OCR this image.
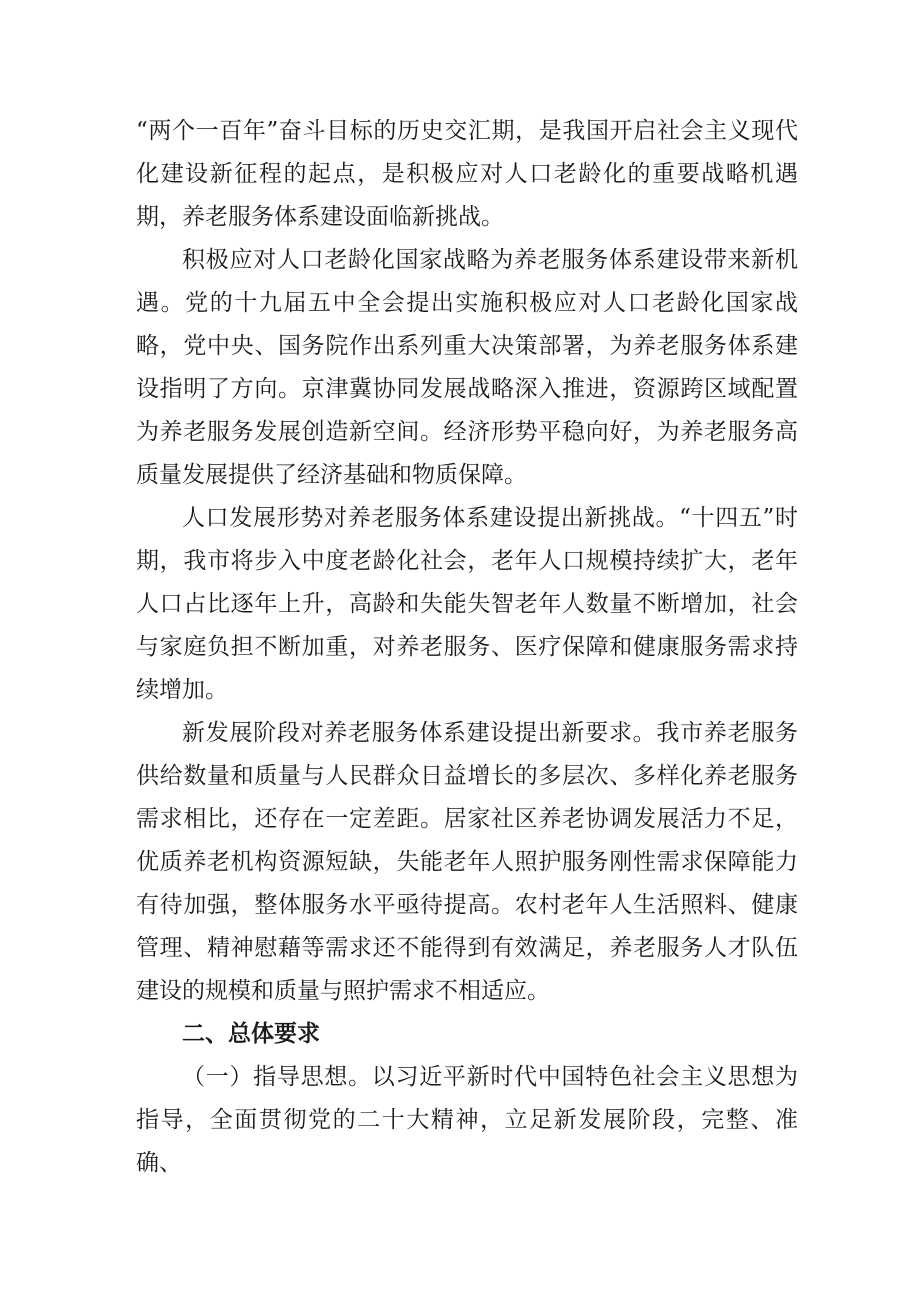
“两个一百年”奋斗目标的历史交汇期，是我国开启社会主义现代化建设新征程的起点，是积极应对人口老龄化的重要战略机遇期，养老服务体系建设面临新挑战。

积极应对人口老龄化国家战略为养老服务体系建设带来新机遇。党的十九届五中全会提出实施积极应对人口老龄化国家战略，党中央、国务院作出系列重大决策部署，为养老服务体系建设指明了方向。京津冀协同发展战略深入推进，资源跨区域配置为养老服务发展创造新空间。经济形势平稳向好，为养老服务高质量发展提供了经济基础和物质保障。

人口发展形势对养老服务体系建设提出新挑战。“十四五”时期，我市将步入中度老龄化社会，老年人口规模持续扩大，老年人口占比逐年上升，高龄和失能失智老年人数量不断增加，社会与家庭负担不断加重，对养老服务、医疗保障和健康服务需求持续增加。

新发展阶段对养老服务体系建设提出新要求。我市养老服务供给数量和质量与人民群众日益增长的多层次、多样化养老服务需求相比，还存在一定差距。居家社区养老协调发展活力不足，优质养老机构资源短缺，失能老年人照护服务刚性需求保障能力有待加强，整体服务水平亟待提高。农村老年人生活照料、健康管理、精神慰藉等需求还不能得到有效满足，养老服务人才队伍建设的规模和质量与照护需求不相适应。

二、总体要求

（一）指导思想。以习近平新时代中国特色社会主义思想为指导，全面贯彻党的二十大精神，立足新发展阶段，完整、准确、
